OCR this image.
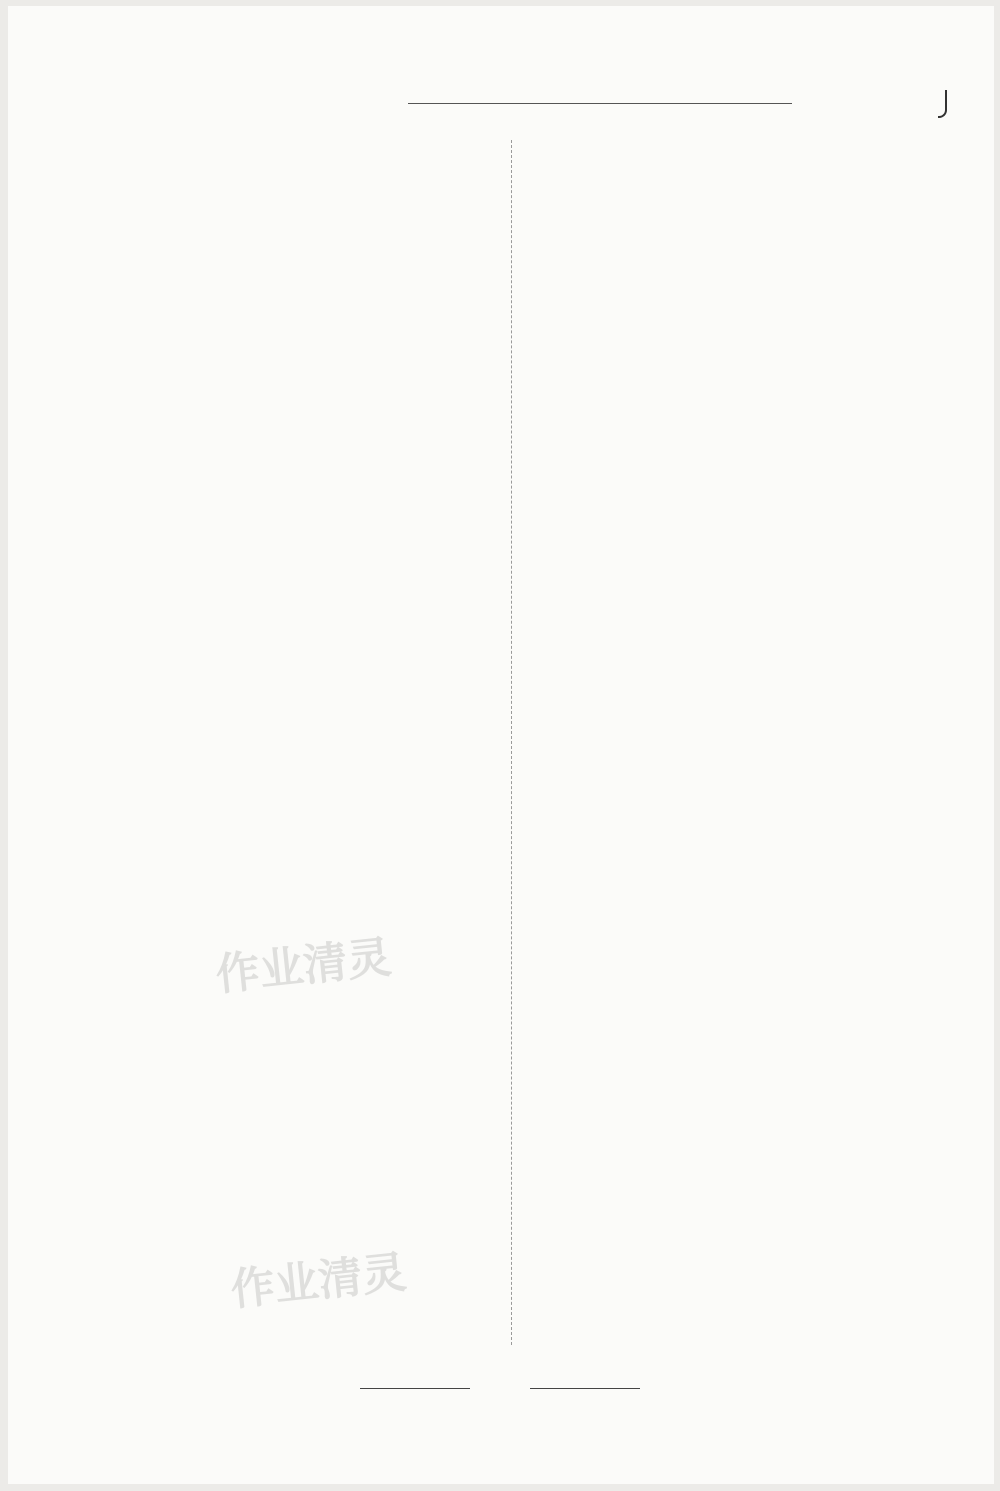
作业清灵
作业清灵
